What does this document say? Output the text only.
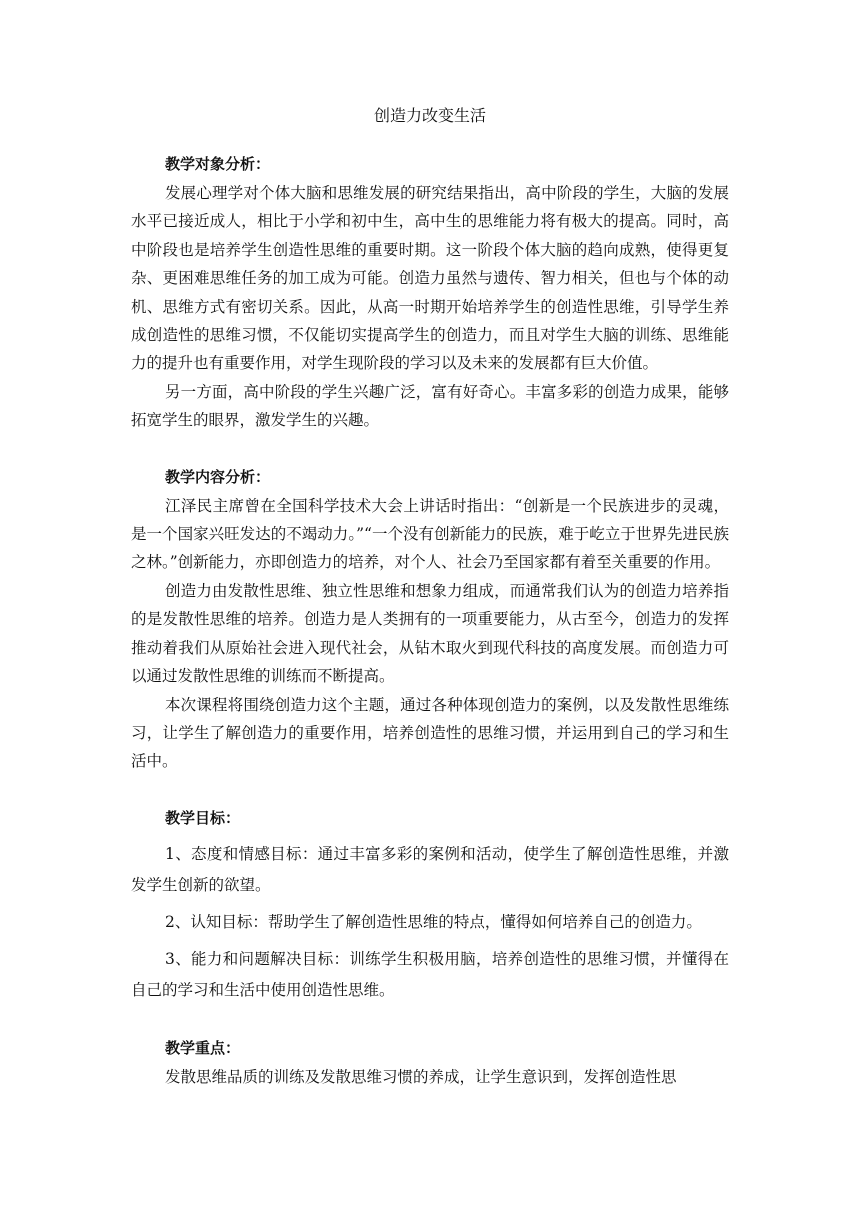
创造力改变生活

教学对象分析：

发展心理学对个体大脑和思维发展的研究结果指出，高中阶段的学生，大脑的发展水平已接近成人，相比于小学和初中生，高中生的思维能力将有极大的提高。同时，高中阶段也是培养学生创造性思维的重要时期。这一阶段个体大脑的趋向成熟，使得更复杂、更困难思维任务的加工成为可能。创造力虽然与遗传、智力相关，但也与个体的动机、思维方式有密切关系。因此，从高一时期开始培养学生的创造性思维，引导学生养成创造性的思维习惯，不仅能切实提高学生的创造力，而且对学生大脑的训练、思维能力的提升也有重要作用，对学生现阶段的学习以及未来的发展都有巨大价值。

另一方面，高中阶段的学生兴趣广泛，富有好奇心。丰富多彩的创造力成果，能够拓宽学生的眼界，激发学生的兴趣。

教学内容分析：

江泽民主席曾在全国科学技术大会上讲话时指出：“创新是一个民族进步的灵魂，是一个国家兴旺发达的不竭动力。”“一个没有创新能力的民族，难于屹立于世界先进民族之林。”创新能力，亦即创造力的培养，对个人、社会乃至国家都有着至关重要的作用。

创造力由发散性思维、独立性思维和想象力组成，而通常我们认为的创造力培养指的是发散性思维的培养。创造力是人类拥有的一项重要能力，从古至今，创造力的发挥推动着我们从原始社会进入现代社会，从钻木取火到现代科技的高度发展。而创造力可以通过发散性思维的训练而不断提高。

本次课程将围绕创造力这个主题，通过各种体现创造力的案例，以及发散性思维练习，让学生了解创造力的重要作用，培养创造性的思维习惯，并运用到自己的学习和生活中。

教学目标：

1、态度和情感目标：通过丰富多彩的案例和活动，使学生了解创造性思维，并激发学生创新的欲望。

2、认知目标：帮助学生了解创造性思维的特点，懂得如何培养自己的创造力。

3、能力和问题解决目标：训练学生积极用脑，培养创造性的思维习惯，并懂得在自己的学习和生活中使用创造性思维。

教学重点：

发散思维品质的训练及发散思维习惯的养成，让学生意识到，发挥创造性思
